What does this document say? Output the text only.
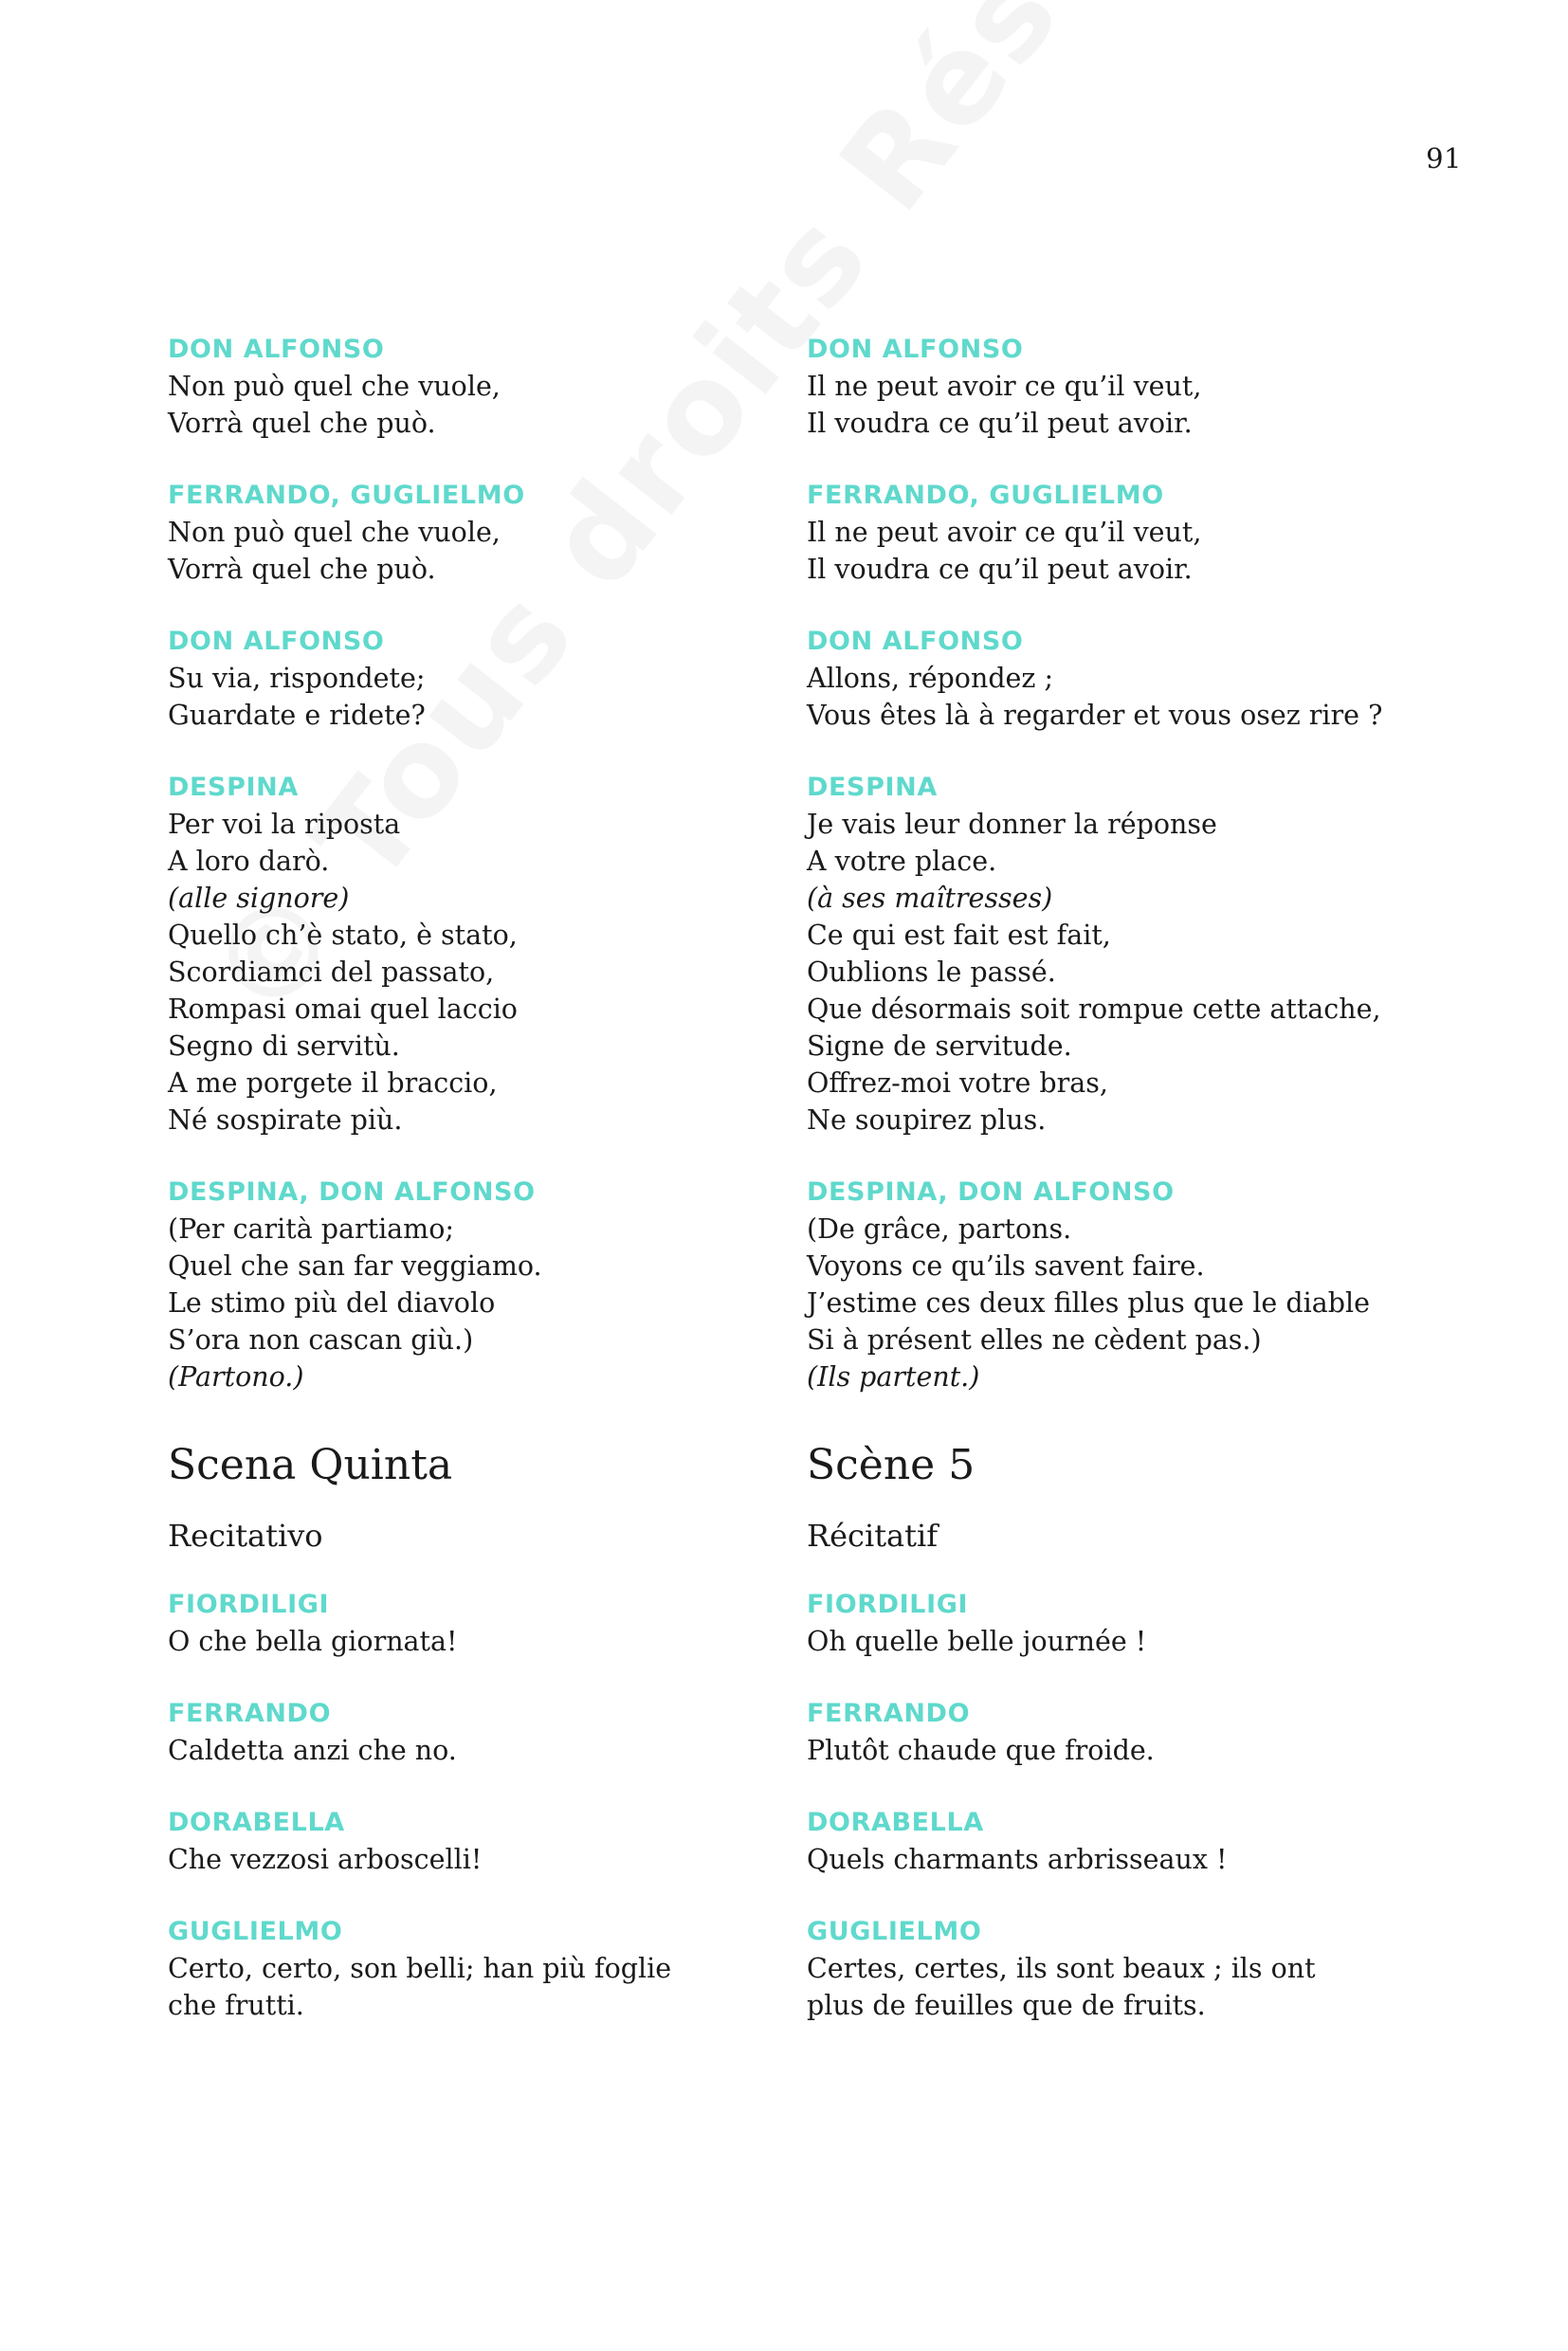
91
DON ALFONSO
Non può quel che vuole,
Vorrà quel che può.
FERRANDO, GUGLIELMO
Non può quel che vuole,
Vorrà quel che può.
DON ALFONSO
Su via, rispondete;
Guardate e ridete?
DESPINA
Per voi la riposta
A loro darò.
(alle signore)
Quello ch’è stato, è stato,
Scordiamci del passato,
Rompasi omai quel laccio
Segno di servitù.
A me porgete il braccio,
Né sospirate più.
DESPINA, DON ALFONSO
(Per carità partiamo;
Quel che san far veggiamo.
Le stimo più del diavolo
S’ora non cascan giù.)
(Partono.)
Scena Quinta
Recitativo
FIORDILIGI
O che bella giornata!
FERRANDO
Caldetta anzi che no.
DORABELLA
Che vezzosi arboscelli!
GUGLIELMO
Certo, certo, son belli; han più foglie che frutti.
DON ALFONSO
Il ne peut avoir ce qu’il veut,
Il voudra ce qu’il peut avoir.
FERRANDO, GUGLIELMO
Il ne peut avoir ce qu’il veut,
Il voudra ce qu’il peut avoir.
DON ALFONSO
Allons, répondez ;
Vous êtes là à regarder et vous osez rire ?
DESPINA
Je vais leur donner la réponse
A votre place.
(à ses maîtresses)
Ce qui est fait est fait,
Oublions le passé.
Que désormais soit rompue cette attache,
Signe de servitude.
Offrez-moi votre bras,
Ne soupirez plus.
DESPINA, DON ALFONSO
(De grâce, partons.
Voyons ce qu’ils savent faire.
J’estime ces deux filles plus que le diable
Si à présent elles ne cèdent pas.)
(Ils partent.)
Scène 5
Récitatif
FIORDILIGI
Oh quelle belle journée !
FERRANDO
Plutôt chaude que froide.
DORABELLA
Quels charmants arbrisseaux !
GUGLIELMO
Certes, certes, ils sont beaux ; ils ont plus de feuilles que de fruits.
